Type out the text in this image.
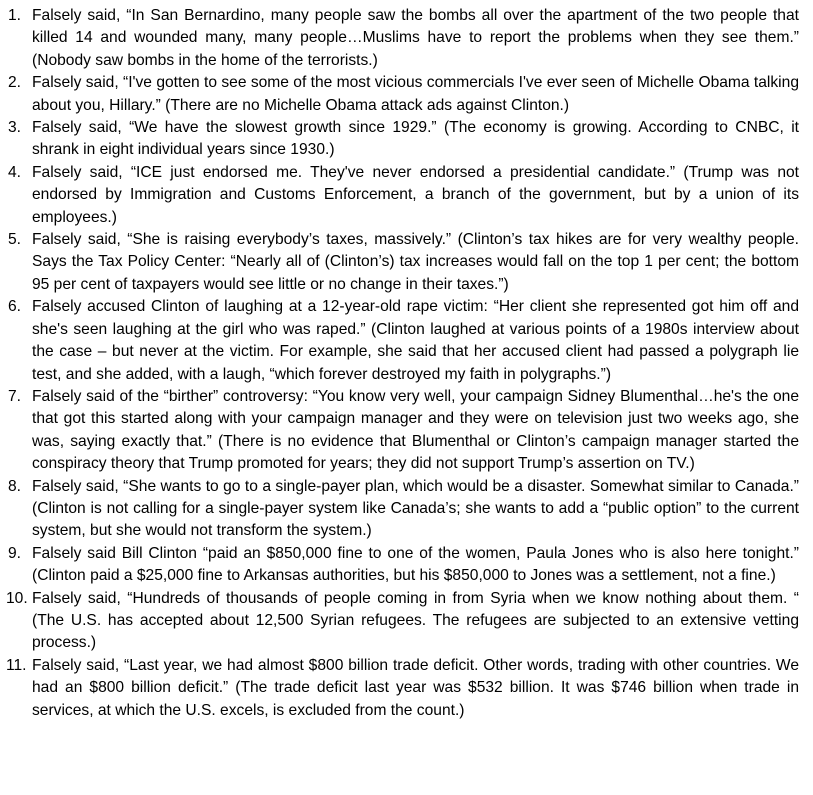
1. Falsely said, “In San Bernardino, many people saw the bombs all over the apartment of the two people that killed 14 and wounded many, many people…Muslims have to report the problems when they see them.” (Nobody saw bombs in the home of the terrorists.)
2. Falsely said, “I've gotten to see some of the most vicious commercials I've ever seen of Michelle Obama talking about you, Hillary.” (There are no Michelle Obama attack ads against Clinton.)
3. Falsely said, “We have the slowest growth since 1929.” (The economy is growing. According to CNBC, it shrank in eight individual years since 1930.)
4. Falsely said, “ICE just endorsed me. They've never endorsed a presidential candidate.” (Trump was not endorsed by Immigration and Customs Enforcement, a branch of the government, but by a union of its employees.)
5. Falsely said, “She is raising everybody’s taxes, massively.” (Clinton’s tax hikes are for very wealthy people. Says the Tax Policy Center: “Nearly all of (Clinton’s) tax increases would fall on the top 1 per cent; the bottom 95 per cent of taxpayers would see little or no change in their taxes.”)
6. Falsely accused Clinton of laughing at a 12-year-old rape victim: “Her client she represented got him off and she's seen laughing at the girl who was raped.” (Clinton laughed at various points of a 1980s interview about the case – but never at the victim. For example, she said that her accused client had passed a polygraph lie test, and she added, with a laugh, “which forever destroyed my faith in polygraphs.”)
7. Falsely said of the “birther” controversy: “You know very well, your campaign Sidney Blumenthal…he's the one that got this started along with your campaign manager and they were on television just two weeks ago, she was, saying exactly that.” (There is no evidence that Blumenthal or Clinton’s campaign manager started the conspiracy theory that Trump promoted for years; they did not support Trump’s assertion on TV.)
8. Falsely said, “She wants to go to a single-payer plan, which would be a disaster. Somewhat similar to Canada.” (Clinton is not calling for a single-payer system like Canada’s; she wants to add a “public option” to the current system, but she would not transform the system.)
9. Falsely said Bill Clinton “paid an $850,000 fine to one of the women, Paula Jones who is also here tonight.” (Clinton paid a $25,000 fine to Arkansas authorities, but his $850,000 to Jones was a settlement, not a fine.)
10. Falsely said, “Hundreds of thousands of people coming in from Syria when we know nothing about them. “ (The U.S. has accepted about 12,500 Syrian refugees. The refugees are subjected to an extensive vetting process.)
11. Falsely said, “Last year, we had almost $800 billion trade deficit. Other words, trading with other countries. We had an $800 billion deficit.” (The trade deficit last year was $532 billion. It was $746 billion when trade in services, at which the U.S. excels, is excluded from the count.)
